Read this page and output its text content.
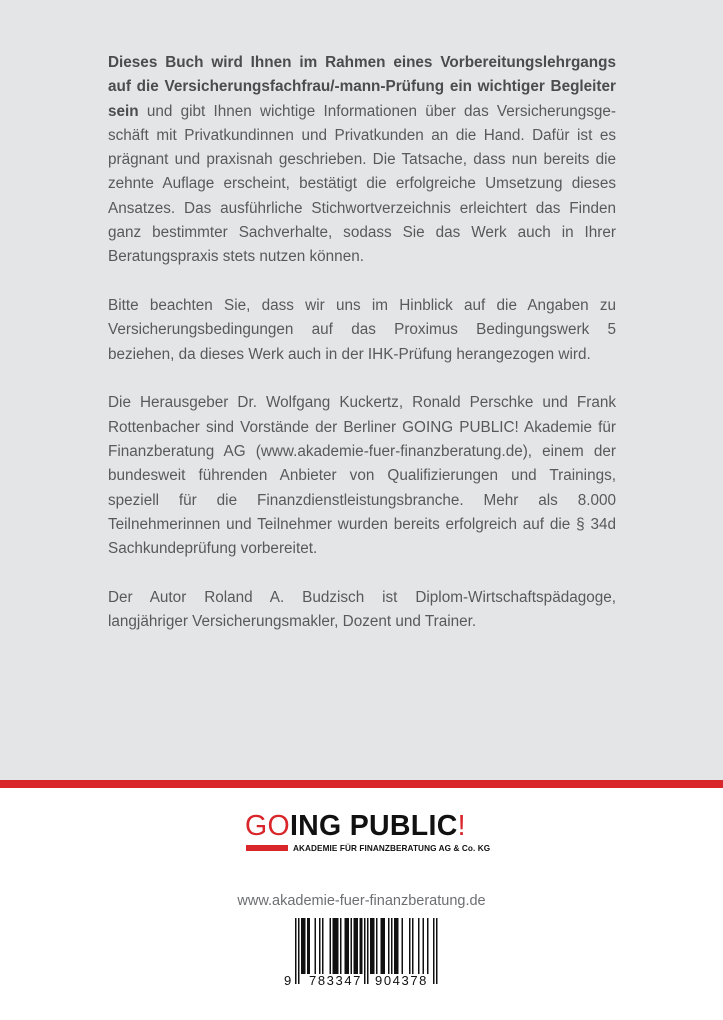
Dieses Buch wird Ihnen im Rahmen eines Vorbereitungslehrgangs auf die Versicherungsfachfrau/-mann-Prüfung ein wichtiger Begleiter sein und gibt Ihnen wichtige Informationen über das Versicherungsgeschäft mit Privatkundinnen und Privatkunden an die Hand. Dafür ist es prägnant und praxisnah geschrieben. Die Tatsache, dass nun bereits die zehnte Auflage erscheint, bestätigt die erfolgreiche Umsetzung dieses Ansatzes. Das ausführliche Stichwortverzeichnis erleichtert das Finden ganz bestimmter Sachverhalte, sodass Sie das Werk auch in Ihrer Beratungspraxis stets nutzen können.

Bitte beachten Sie, dass wir uns im Hinblick auf die Angaben zu Versicherungsbedingungen auf das Proximus Bedingungswerk 5 beziehen, da dieses Werk auch in der IHK-Prüfung herangezogen wird.

Die Herausgeber Dr. Wolfgang Kuckertz, Ronald Perschke und Frank Rottenbacher sind Vorstände der Berliner GOING PUBLIC! Akademie für Finanzberatung AG (www.akademie-fuer-finanzberatung.de), einem der bundesweit führenden Anbieter von Qualifizierungen und Trainings, speziell für die Finanzdienstleistungsbranche. Mehr als 8.000 Teilnehmerinnen und Teilnehmer wurden bereits erfolgreich auf die § 34d Sachkundeprüfung vorbereitet.

Der Autor Roland A. Budzisch ist Diplom-Wirtschaftspädagoge, langjähriger Versicherungsmakler, Dozent und Trainer.

GOING PUBLIC!
AKADEMIE FÜR FINANZBERATUNG AG & Co. KG
www.akademie-fuer-finanzberatung.de
9 783347 904378
